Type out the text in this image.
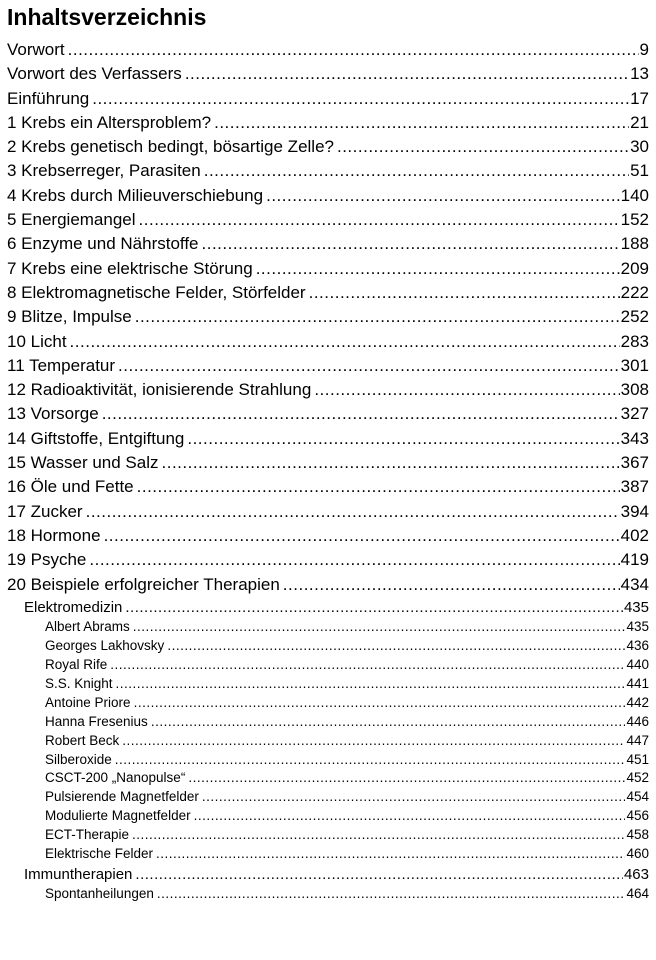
Inhaltsverzeichnis
Vorwort .....	9
Vorwort des Verfassers .....	13
Einführung .....	17
1 Krebs ein Altersproblem? .....	21
2 Krebs genetisch bedingt, bösartige Zelle? .....	30
3 Krebserreger, Parasiten .....	51
4 Krebs durch Milieuverschiebung .....	140
5 Energiemangel .....	152
6 Enzyme und Nährstoffe .....	188
7 Krebs eine elektrische Störung .....	209
8 Elektromagnetische Felder, Störfelder .....	222
9 Blitze, Impulse .....	252
10 Licht .....	283
11 Temperatur .....	301
12 Radioaktivität, ionisierende Strahlung .....	308
13 Vorsorge .....	327
14 Giftstoffe, Entgiftung .....	343
15 Wasser und Salz .....	367
16 Öle und Fette .....	387
17 Zucker .....	394
18 Hormone .....	402
19 Psyche .....	419
20 Beispiele erfolgreicher Therapien .....	434
Elektromedizin .....	435
Albert Abrams .....	435
Georges Lakhovsky .....	436
Royal Rife .....	440
S.S. Knight .....	441
Antoine Priore .....	442
Hanna Fresenius .....	446
Robert Beck .....	447
Silberoxide .....	451
CSCT-200 „Nanopulse“ .....	452
Pulsierende Magnetfelder .....	454
Modulierte Magnetfelder .....	456
ECT-Therapie .....	458
Elektrische Felder .....	460
Immuntherapien .....	463
Spontanheilungen .....	464
